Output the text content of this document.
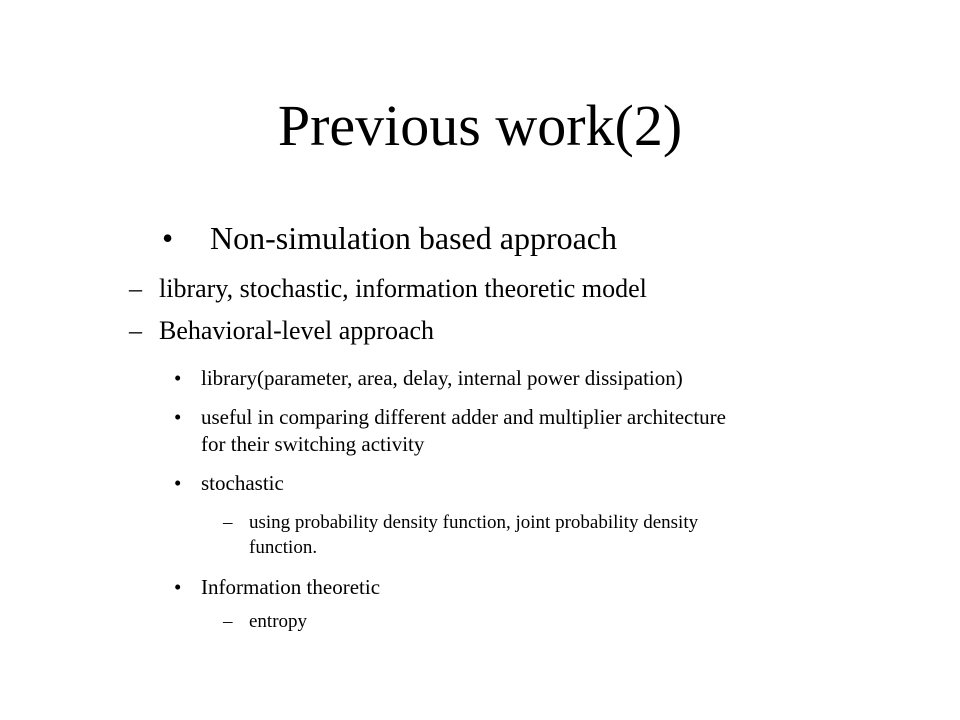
Previous work(2)
• Non-simulation based approach
– library, stochastic, information theoretic model
– Behavioral-level approach
• library(parameter, area, delay, internal power dissipation)
• useful in comparing different adder and multiplier architecture
for their switching activity
• stochastic
– using probability density function, joint probability density
function.
• Information theoretic
– entropy
